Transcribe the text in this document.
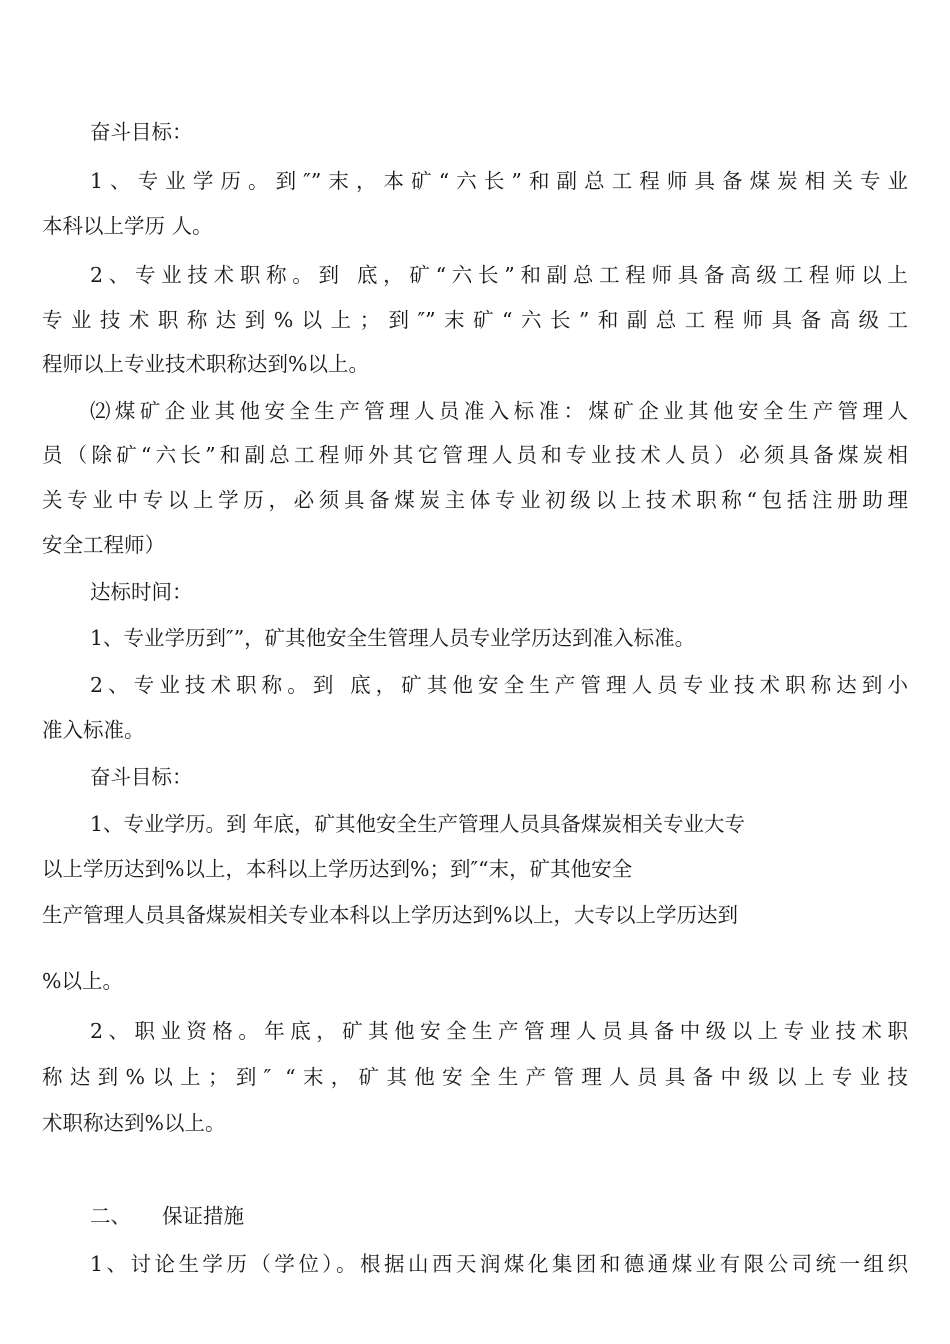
奋斗目标：
1、专业学历。到″”末，本矿“六长”和副总工程师具备煤炭相关专业
本科以上学历 人。
2、专业技术职称。到 底，矿“六长”和副总工程师具备高级工程师以上
专业技术职称达到%以上；到″”末矿“六长”和副总工程师具备高级工
程师以上专业技术职称达到%以上。
⑵煤矿企业其他安全生产管理人员准入标准：煤矿企业其他安全生产管理人
员（除矿“六长”和副总工程师外其它管理人员和专业技术人员）必须具备煤炭相
关专业中专以上学历，必须具备煤炭主体专业初级以上技术职称“包括注册助理
安全工程师）
达标时间：
1、专业学历到″”，矿其他安全生管理人员专业学历达到准入标准。
2、专业技术职称。到 底，矿其他安全生产管理人员专业技术职称达到小
准入标准。
奋斗目标：
1、专业学历。到 年底，矿其他安全生产管理人员具备煤炭相关专业大专
以上学历达到%以上，本科以上学历达到%；到″“末，矿其他安全
生产管理人员具备煤炭相关专业本科以上学历达到%以上，大专以上学历达到
%以上。
2、职业资格。年底，矿其他安全生产管理人员具备中级以上专业技术职
称达到%以上；到″ “末，矿其他安全生产管理人员具备中级以上专业技
术职称达到%以上。
二、 保证措施
1、讨论生学历（学位）。根据山西天润煤化集团和德通煤业有限公司统一组织
